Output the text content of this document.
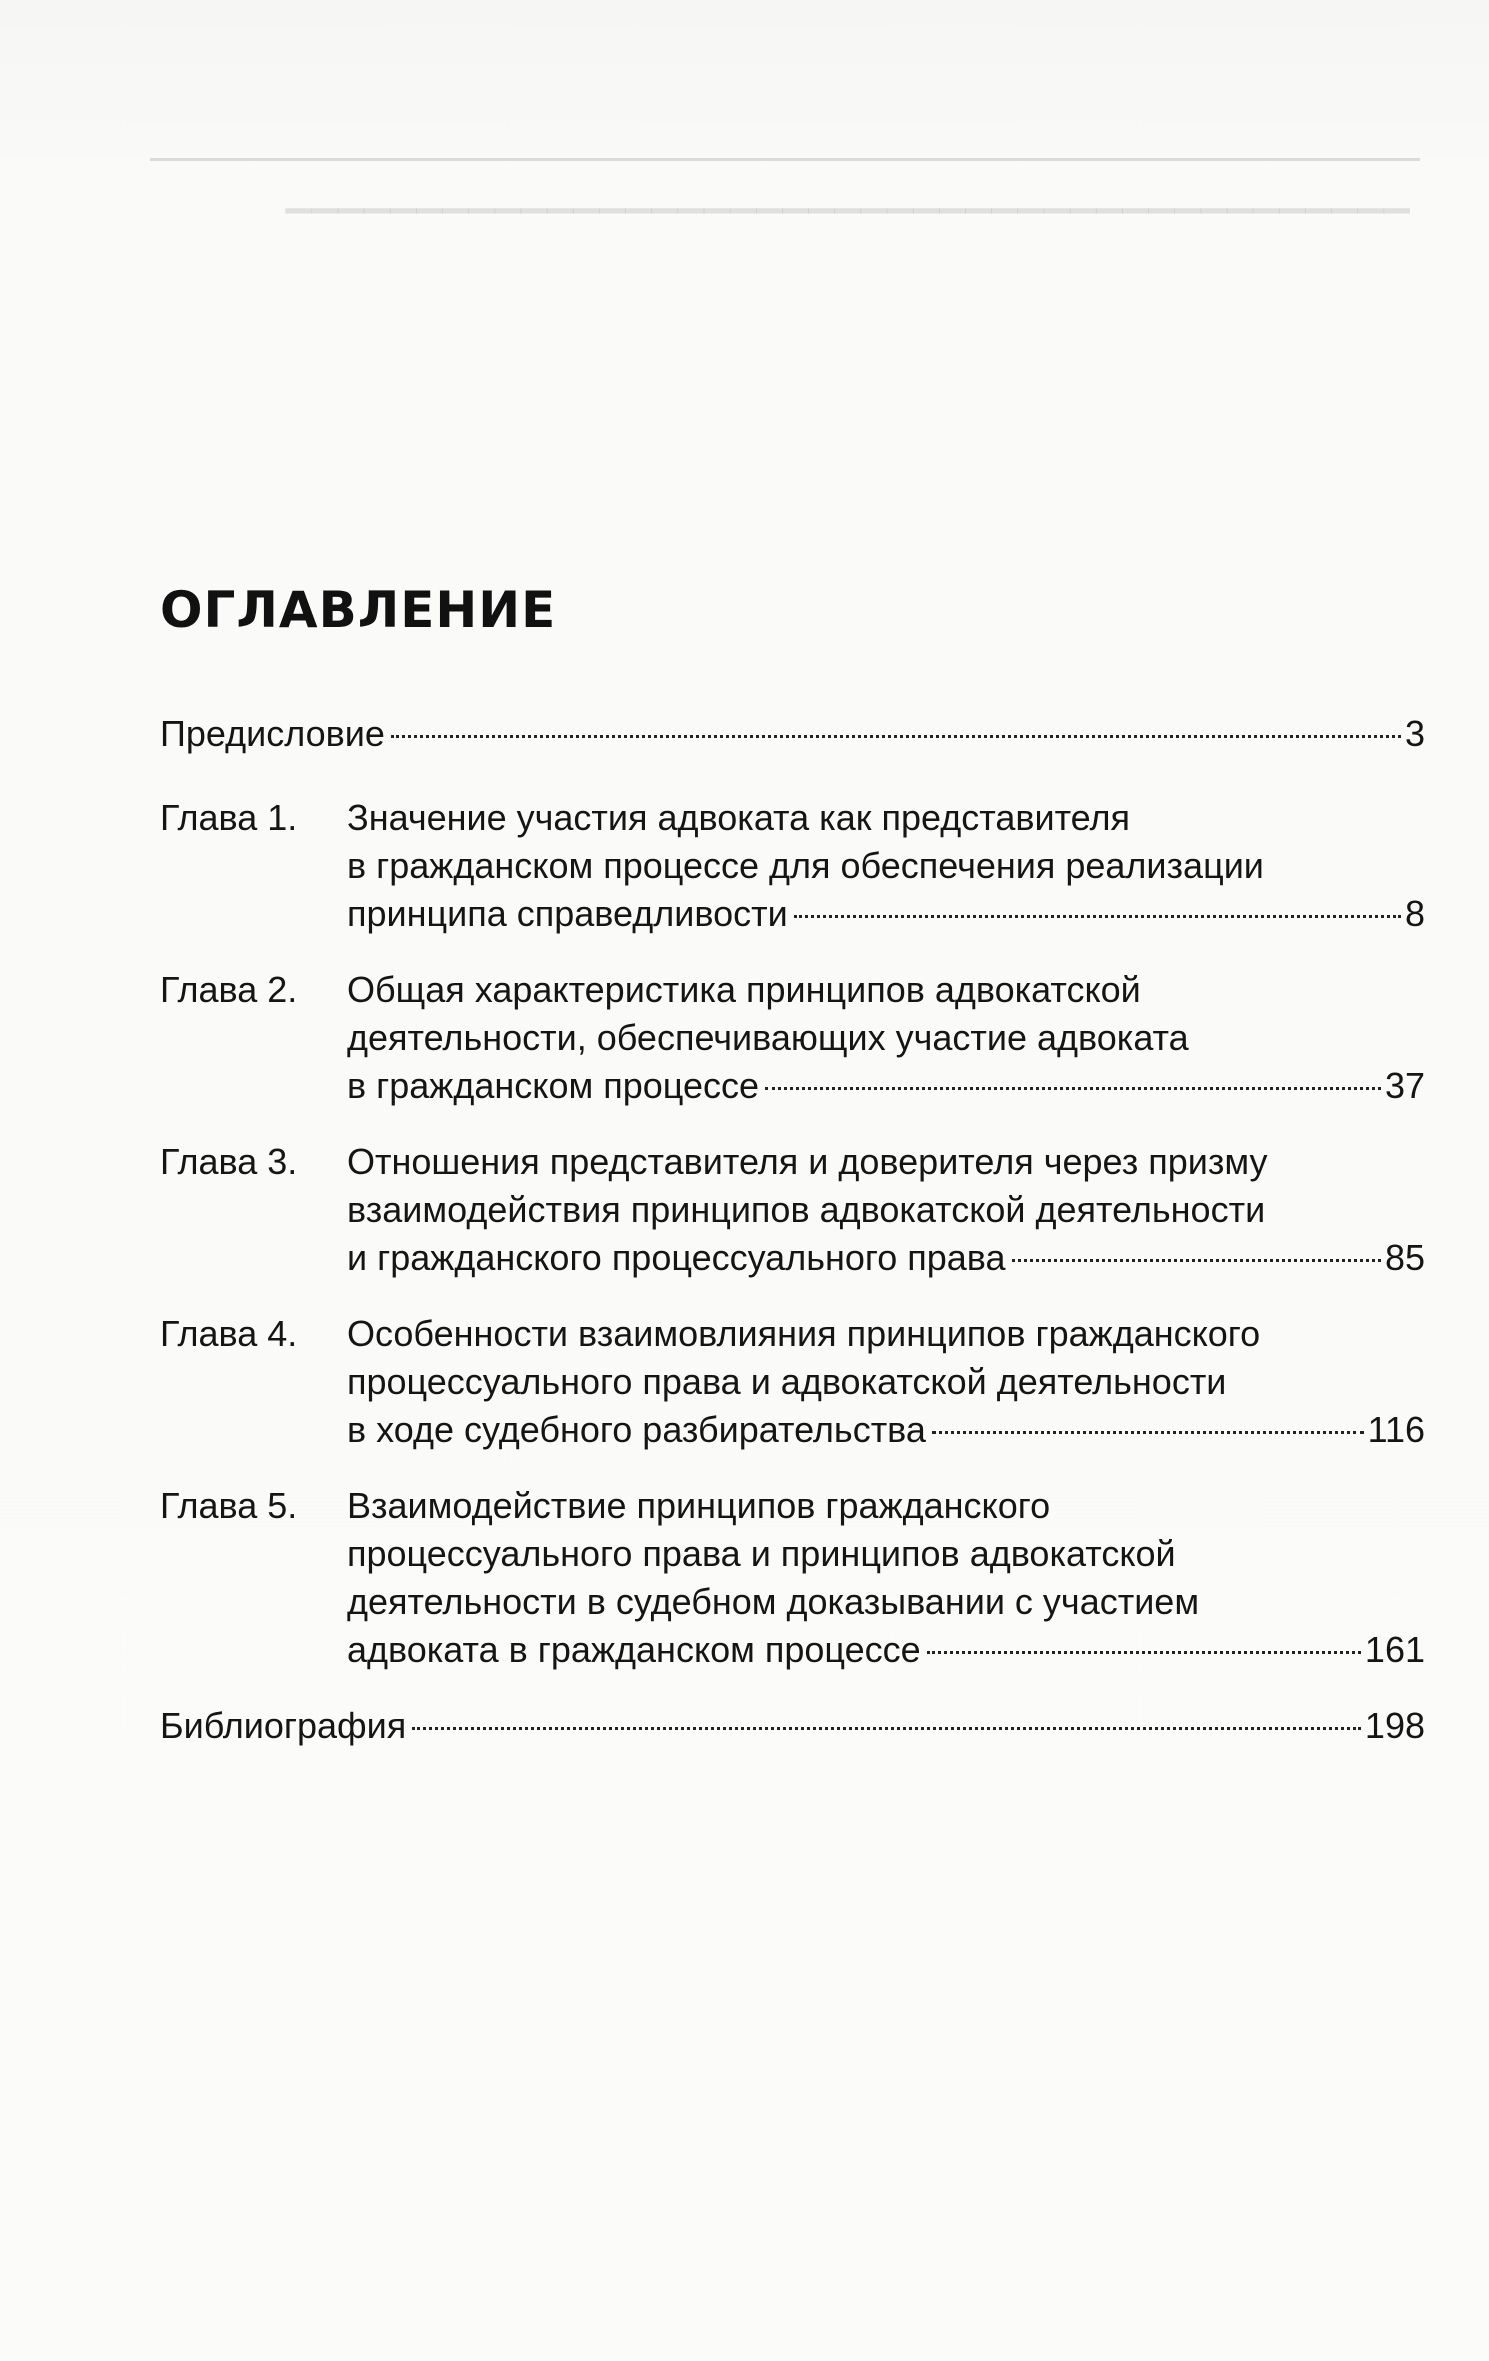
▔▔▔▔▔▔▔▔▔▔▔▔▔▔▔▔▔▔▔▔▔▔▔▔▔▔▔▔▔▔▔▔▔▔▔▔▔▔▔▔▔▔▔
ОГЛАВЛЕНИЕ
Предисловие	3
Глава 1.	Значение участия адвоката как представителя
в гражданском процессе для обеспечения реализации
принципа справедливости	8
Глава 2.	Общая характеристика принципов адвокатской
деятельности, обеспечивающих участие адвоката
в гражданском процессе	37
Глава 3.	Отношения представителя и доверителя через призму
взаимодействия принципов адвокатской деятельности
и гражданского процессуального права	85
Глава 4.	Особенности взаимовлияния принципов гражданского
процессуального права и адвокатской деятельности
в ходе судебного разбирательства	116
Глава 5.	Взаимодействие принципов гражданского
процессуального права и принципов адвокатской
деятельности в судебном доказывании с участием
адвоката в гражданском процессе	161
Библиография	198
